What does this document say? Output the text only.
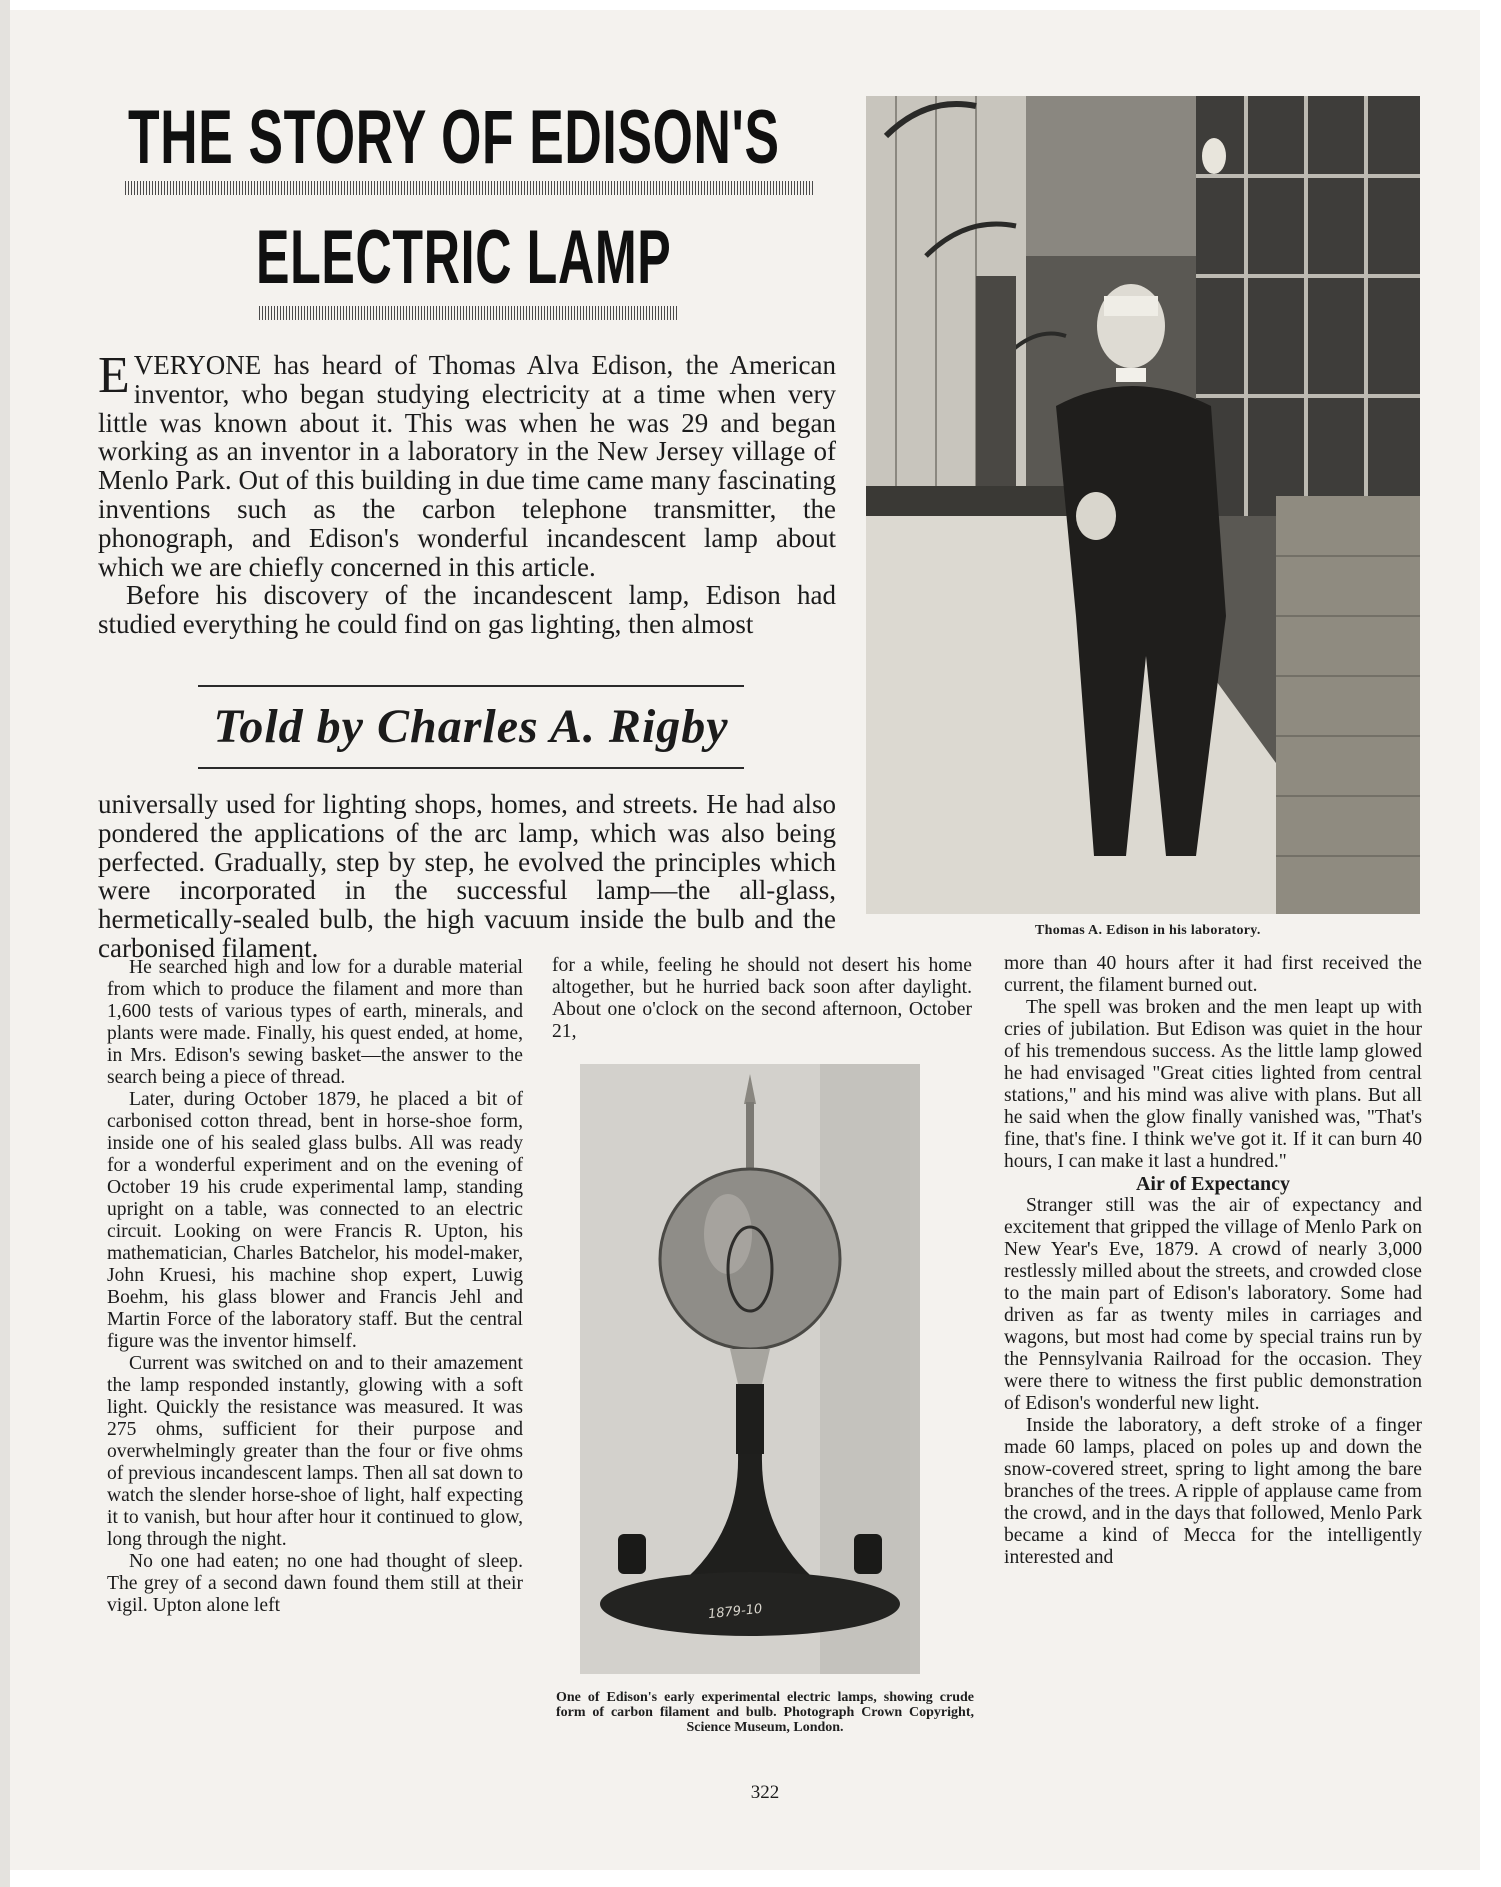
THE STORY OF EDISON'S
ELECTRIC LAMP

EVERYONE has heard of Thomas Alva Edison, the American inventor, who began studying electricity at a time when very little was known about it. This was when he was 29 and began working as an inventor in a laboratory in the New Jersey village of Menlo Park. Out of this building in due time came many fascinating inventions such as the carbon telephone transmitter, the phonograph, and Edison's wonderful incandescent lamp about which we are chiefly concerned in this article.

Before his discovery of the incandescent lamp, Edison had studied everything he could find on gas lighting, then almost

Told by Charles A. Rigby

universally used for lighting shops, homes, and streets. He had also pondered the applications of the arc lamp, which was also being perfected. Gradually, step by step, he evolved the principles which were incorporated in the successful lamp—the all-glass, hermetically-sealed bulb, the high vacuum inside the bulb and the carbonised filament.

He searched high and low for a durable material from which to produce the filament and more than 1,600 tests of various types of earth, minerals, and plants were made. Finally, his quest ended, at home, in Mrs. Edison's sewing basket—the answer to the search being a piece of thread.

Later, during October 1879, he placed a bit of carbonised cotton thread, bent in horse-shoe form, inside one of his sealed glass bulbs. All was ready for a wonderful experiment and on the evening of October 19 his crude experimental lamp, standing upright on a table, was connected to an electric circuit. Looking on were Francis R. Upton, his mathematician, Charles Batchelor, his model-maker, John Kruesi, his machine shop expert, Luwig Boehm, his glass blower and Francis Jehl and Martin Force of the laboratory staff. But the central figure was the inventor himself.

Current was switched on and to their amazement the lamp responded instantly, glowing with a soft light. Quickly the resistance was measured. It was 275 ohms, sufficient for their purpose and overwhelmingly greater than the four or five ohms of previous incandescent lamps. Then all sat down to watch the slender horse-shoe of light, half expecting it to vanish, but hour after hour it continued to glow, long through the night.

No one had eaten; no one had thought of sleep. The grey of a second dawn found them still at their vigil. Upton alone left

for a while, feeling he should not desert his home altogether, but he hurried back soon after daylight. About one o'clock on the second afternoon, October 21,

more than 40 hours after it had first received the current, the filament burned out.

The spell was broken and the men leapt up with cries of jubilation. But Edison was quiet in the hour of his tremendous success. As the little lamp glowed he had envisaged "Great cities lighted from central stations," and his mind was alive with plans. But all he said when the glow finally vanished was, "That's fine, that's fine. I think we've got it. If it can burn 40 hours, I can make it last a hundred."

Air of Expectancy

Stranger still was the air of expectancy and excitement that gripped the village of Menlo Park on New Year's Eve, 1879. A crowd of nearly 3,000 restlessly milled about the streets, and crowded close to the main part of Edison's laboratory. Some had driven as far as twenty miles in carriages and wagons, but most had come by special trains run by the Pennsylvania Railroad for the occasion. They were there to witness the first public demonstration of Edison's wonderful new light.

Inside the laboratory, a deft stroke of a finger made 60 lamps, placed on poles up and down the snow-covered street, spring to light among the bare branches of the trees. A ripple of applause came from the crowd, and in the days that followed, Menlo Park became a kind of Mecca for the intelligently interested and

Thomas A. Edison in his laboratory.
1879-10
One of Edison's early experimental electric lamps, showing crude form of carbon filament and bulb. Photograph Crown Copyright, Science Museum, London.
322
